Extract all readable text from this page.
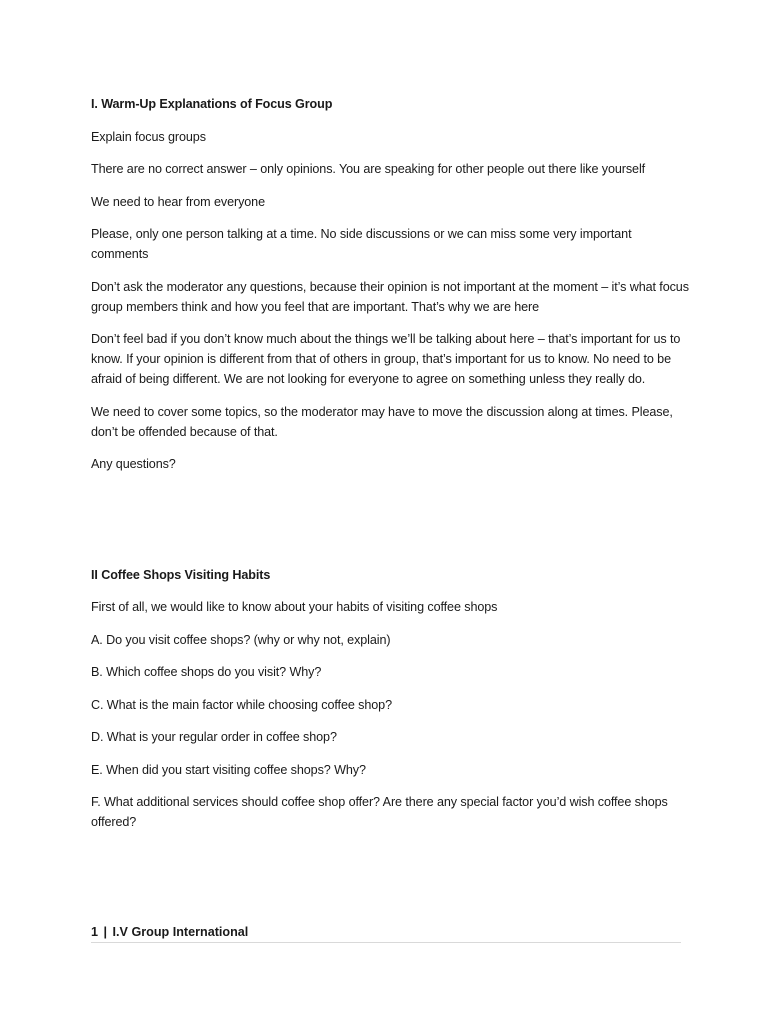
I. Warm-Up Explanations of Focus Group

Explain focus groups

There are no correct answer – only opinions. You are speaking for other people out there like yourself

We need to hear from everyone

Please, only one person talking at a time. No side discussions or we can miss some very important comments

Don’t ask the moderator any questions, because their opinion is not important at the moment – it’s what focus group members think and how you feel that are important. That’s why we are here

Don’t feel bad if you don’t know much about the things we’ll be talking about here – that’s important for us to know. If your opinion is different from that of others in group, that’s important for us to know. No need to be afraid of being different. We are not looking for everyone to agree on something unless they really do.

We need to cover some topics, so the moderator may have to move the discussion along at times. Please, don’t be offended because of that.

Any questions?

II Coffee Shops Visiting Habits

First of all, we would like to know about your habits of visiting coffee shops

A. Do you visit coffee shops? (why or why not, explain)

B. Which coffee shops do you visit? Why?

C. What is the main factor while choosing coffee shop?

D. What is your regular order in coffee shop?

E. When did you start visiting coffee shops? Why?

F. What additional services should coffee shop offer? Are there any special factor you’d wish coffee shops offered?

1 | I.V Group International
